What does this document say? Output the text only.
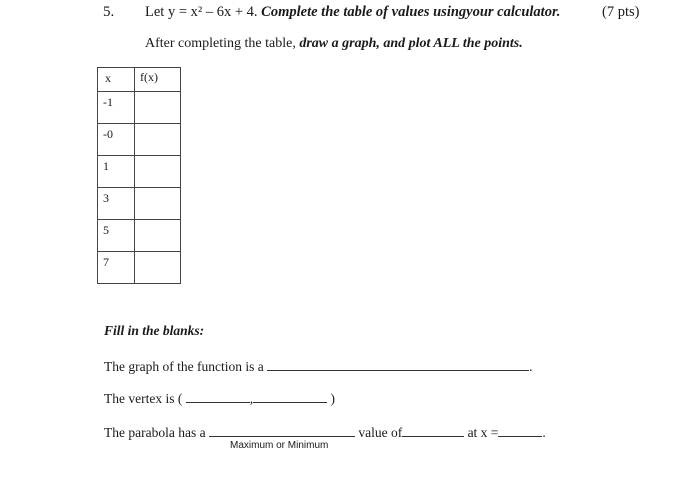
5. Let y = x² – 6x + 4. Complete the table of values usingyour calculator.	(7 pts)
After completing the table, draw a graph, and plot ALL the points.
x	f(x)
-1	
-0	
1	
3	
5	
7	
Fill in the blanks:
The graph of the function is a	.
The vertex is (	,	)
The parabola has a	value of	at x =	.
Maximum or Minimum
